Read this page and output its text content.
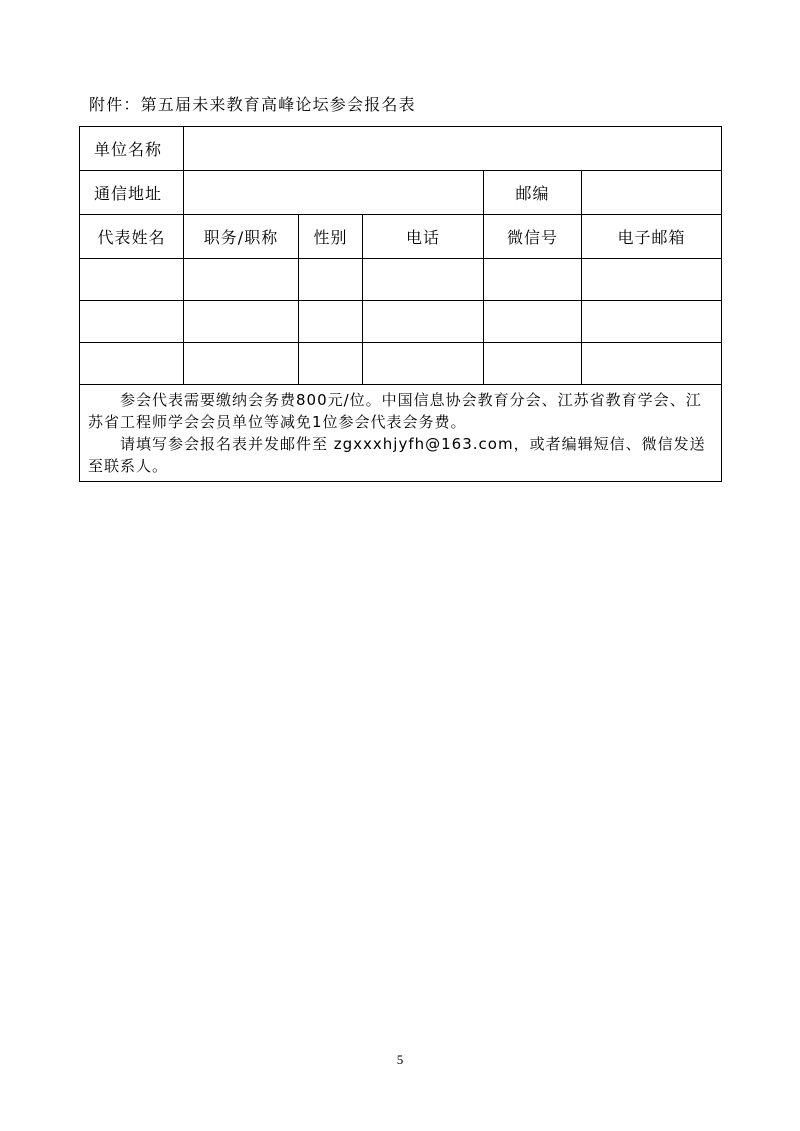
附件：第五届未来教育高峰论坛参会报名表
单位名称					
通信地址				邮编	
代表姓名	职务/职称	性别	电话	微信号	电子邮箱

参会代表需要缴纳会务费800元/位。中国信息协会教育分会、江苏省教育学会、江苏省工程师学会会员单位等减免1位参会代表会务费。

请填写参会报名表并发邮件至 zgxxxhjyfh@163.com，或者编辑短信、微信发送至联系人。					

5
